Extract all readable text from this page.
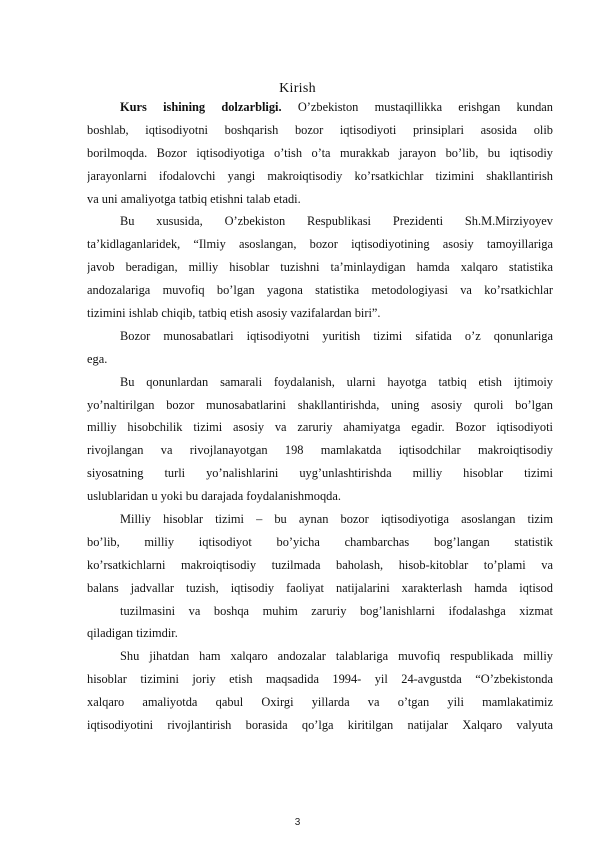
Kirish
Kurs ishining dolzarbligi. O’zbekiston mustaqillikka erishgan kundan
boshlab, iqtisodiyotni boshqarish bozor iqtisodiyoti prinsiplari asosida olib
borilmoqda. Bozor iqtisodiyotiga o’tish o’ta murakkab jarayon bo’lib, bu iqtisodiy
jarayonlarni ifodalovchi yangi makroiqtisodiy ko’rsatkichlar tizimini shakllantirish
va uni amaliyotga tatbiq etishni talab etadi.
Bu xususida, O’zbekiston Respublikasi Prezidenti Sh.M.Mirziyoyev
ta’kidlaganlaridek, “Ilmiy asoslangan, bozor iqtisodiyotining asosiy tamoyillariga
javob beradigan, milliy hisoblar tuzishni ta’minlaydigan hamda xalqaro statistika
andozalariga muvofiq bo’lgan yagona statistika metodologiyasi va ko’rsatkichlar
tizimini ishlab chiqib, tatbiq etish asosiy vazifalardan biri”.
Bozor munosabatlari iqtisodiyotni yuritish tizimi sifatida o’z qonunlariga
ega.
Bu qonunlardan samarali foydalanish, ularni hayotga tatbiq etish ijtimoiy
yo’naltirilgan bozor munosabatlarini shakllantirishda, uning asosiy quroli bo’lgan
milliy hisobchilik tizimi asosiy va zaruriy ahamiyatga egadir. Bozor iqtisodiyoti
rivojlangan va rivojlanayotgan 198 mamlakatda iqtisodchilar makroiqtisodiy
siyosatning turli yo’nalishlarini uyg’unlashtirishda milliy hisoblar tizimi
uslublaridan u yoki bu darajada foydalanishmoqda.
Milliy hisoblar tizimi – bu aynan bozor iqtisodiyotiga asoslangan tizim
bo’lib, milliy iqtisodiyot bo’yicha chambarchas bog’langan statistik
ko’rsatkichlarni makroiqtisodiy tuzilmada baholash, hisob-kitoblar to’plami va
balans jadvallar tuzish, iqtisodiy faoliyat natijalarini xarakterlash hamda iqtisod
tuzilmasini va boshqa muhim zaruriy bog’lanishlarni ifodalashga xizmat
qiladigan tizimdir.
Shu jihatdan ham xalqaro andozalar talablariga muvofiq respublikada milliy
hisoblar tizimini joriy etish maqsadida 1994- yil 24-avgustda “O’zbekistonda
xalqaro amaliyotda qabul Oxirgi yillarda va o’tgan yili mamlakatimiz
iqtisodiyotini rivojlantirish borasida qo’lga kiritilgan natijalar Xalqaro valyuta
3
